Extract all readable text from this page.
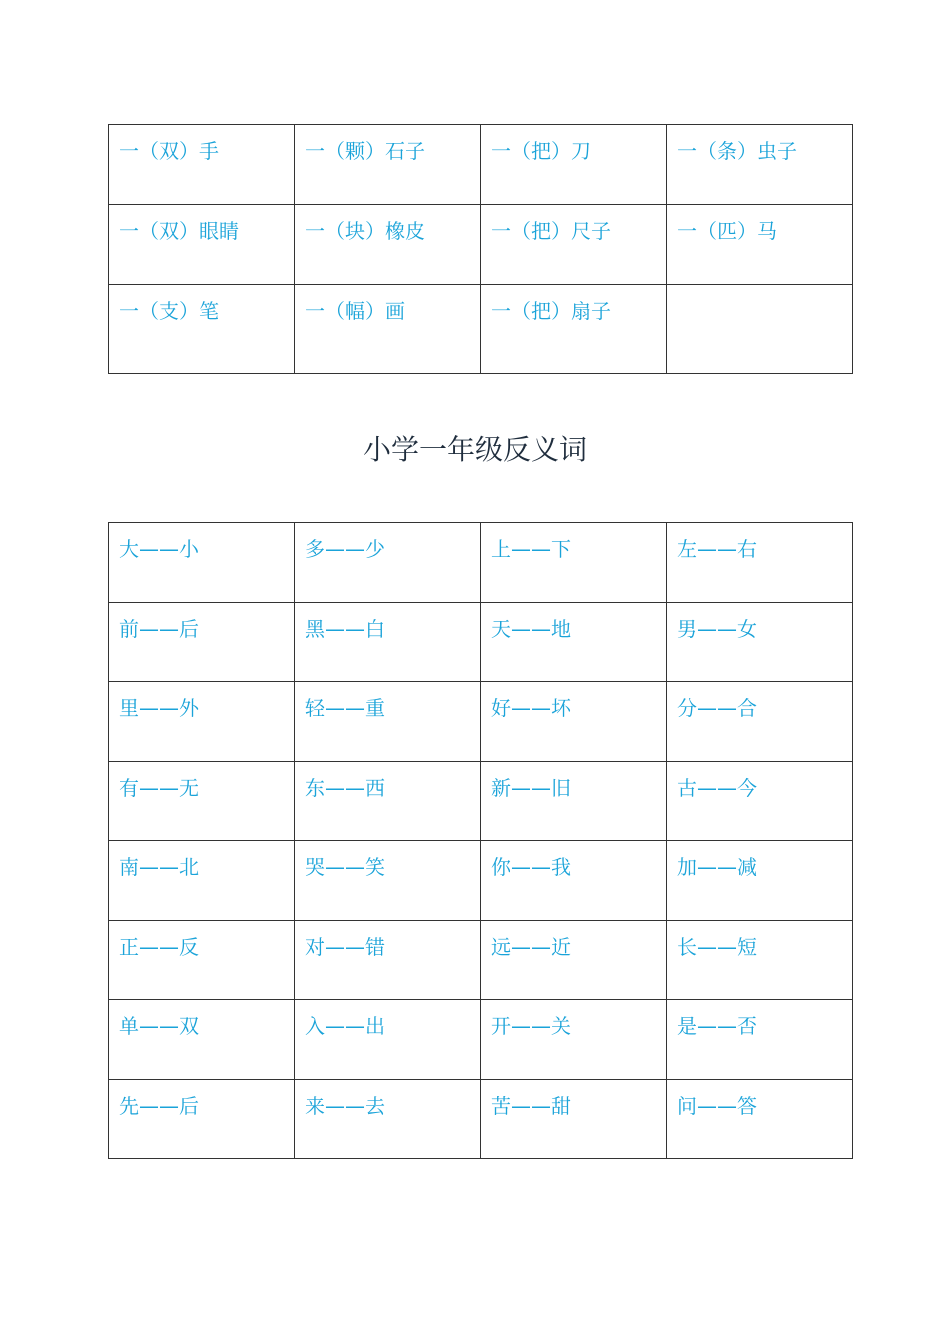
一（双）手	一（颗）石子	一（把）刀	一（条）虫子
一（双）眼睛	一（块）橡皮	一（把）尺子	一（匹）马
一（支）笔	一（幅）画	一（把）扇子	
小学一年级反义词
大——小	多——少	上——下	左——右
前——后	黑——白	天——地	男——女
里——外	轻——重	好——坏	分——合
有——无	东——西	新——旧	古——今
南——北	哭——笑	你——我	加——减
正——反	对——错	远——近	长——短
单——双	入——出	开——关	是——否
先——后	来——去	苦——甜	问——答
